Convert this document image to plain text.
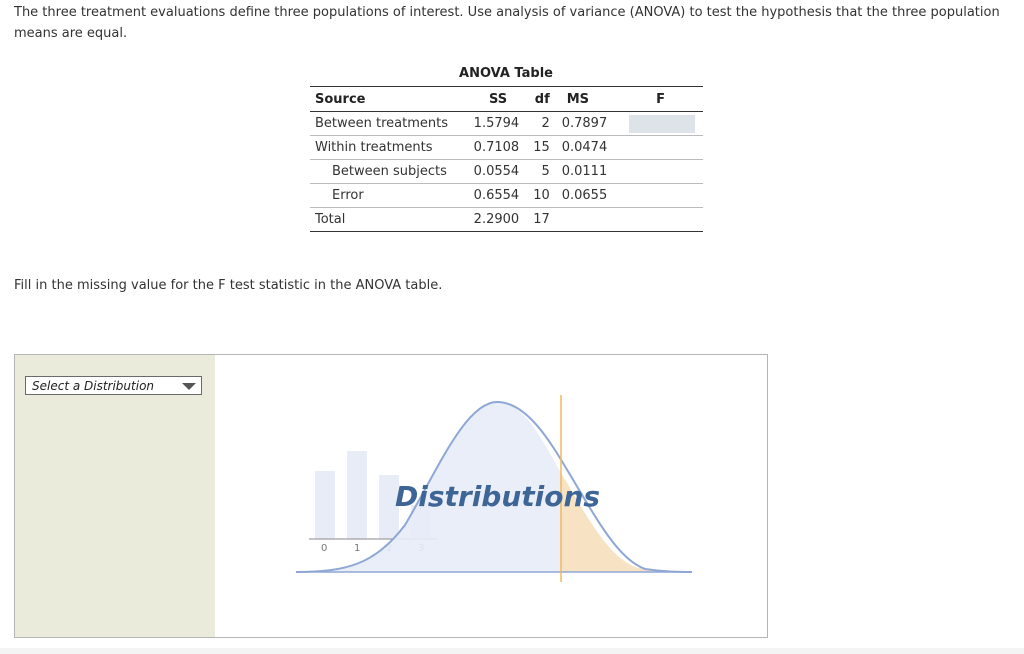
The three treatment evaluations define three populations of interest. Use analysis of variance (ANOVA) to test the hypothesis that the three population means are equal.
ANOVA Table
Source	SS	df	MS	F
Between treatments	1.5794	2	0.7897	
Within treatments	0.7108	15	0.0474	
Between subjects	0.0554	5	0.0111	
Error	0.6554	10	0.0655	
Total	2.2900	17		
Fill in the missing value for the F test statistic in the ANOVA table.
Select a Distribution
0	1
Distributions
